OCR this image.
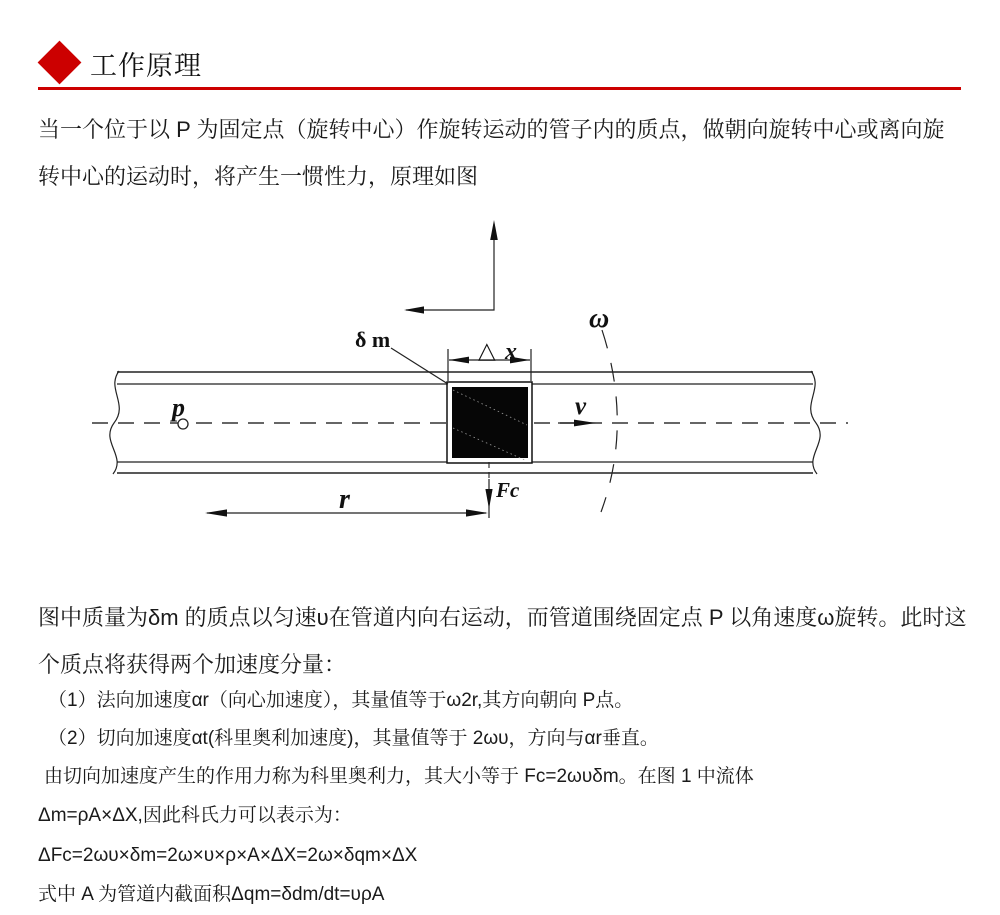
工作原理
当一个位于以 P 为固定点（旋转中心）作旋转运动的管子内的质点，做朝向旋转中心或离向旋转中心的运动时，将产生一惯性力，原理如图
ω
p
δ m	△ x
v
Fc
r
图中质量为δm 的质点以匀速υ在管道内向右运动，而管道围绕固定点 P 以角速度ω旋转。此时这个质点将获得两个加速度分量：
（1）法向加速度αr（向心加速度），其量值等于ω2r,其方向朝向 P点。
（2）切向加速度αt(科里奥利加速度)，其量值等于 2ωυ，方向与αr垂直。
由切向加速度产生的作用力称为科里奥利力，其大小等于 Fc=2ωυδm。在图 1 中流体
Δm=ρA×ΔX,因此科氏力可以表示为：
ΔFc=2ωυ×δm=2ω×υ×ρ×A×ΔX=2ω×δqm×ΔX
式中 A 为管道内截面积Δqm=δdm/dt=υρA
